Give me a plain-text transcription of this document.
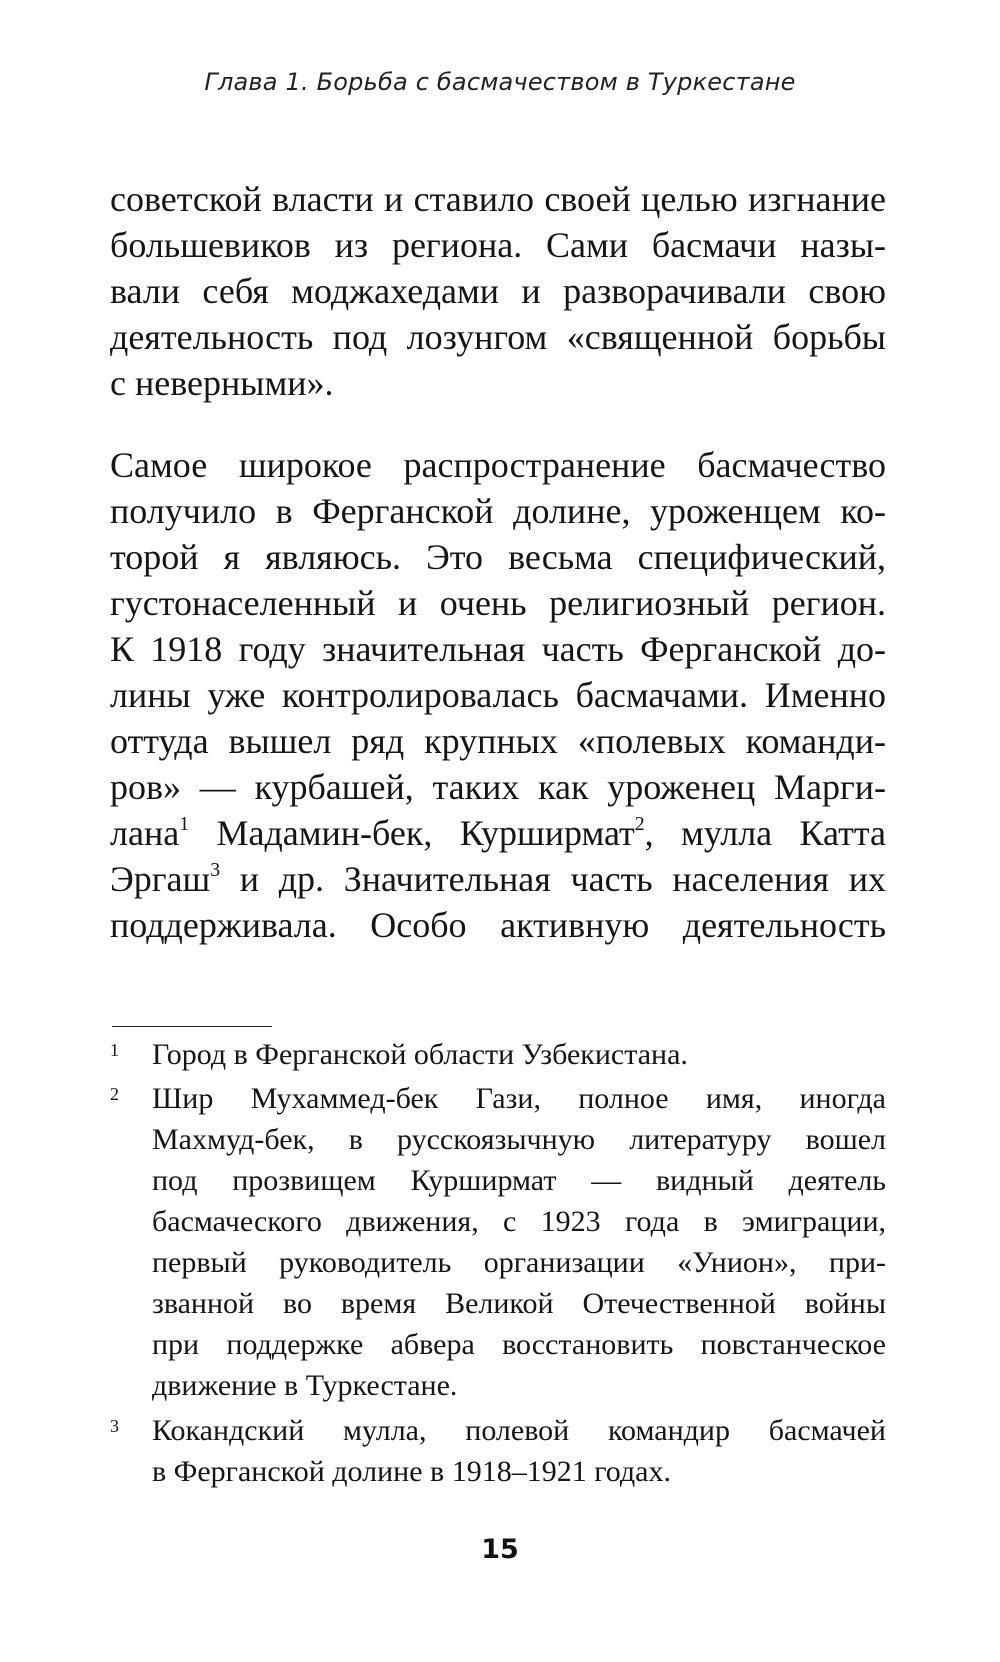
Глава 1. Борьба с басмачеством в Туркестане
советской власти и ставило своей целью изгнание
большевиков из региона. Сами басмачи назы-
вали себя моджахедами и разворачивали свою
деятельность под лозунгом «священной борьбы
с неверными».
Самое широкое распространение басмачество
получило в Ферганской долине, уроженцем ко-
торой я являюсь. Это весьма специфический,
густонаселенный и очень религиозный регион.
К 1918 году значительная часть Ферганской до-
лины уже контролировалась басмачами. Именно
оттуда вышел ряд крупных «полевых команди-
ров» — курбашей, таких как уроженец Марги-
лана$^1$ Мадамин-бек, Курширмат$^2$, мулла Катта
Эргаш$^3$ и др. Значительная часть населения их
поддерживала. Особо активную деятельность
1	Город в Ферганской области Узбекистана.
2	Шир Мухаммед-бек Гази, полное имя, иногда
Махмуд-бек, в русскоязычную литературу вошел
под прозвищем Курширмат — видный деятель
басмаческого движения, с 1923 года в эмиграции,
первый руководитель организации «Унион», при-
званной во время Великой Отечественной войны
при поддержке абвера восстановить повстанческое
движение в Туркестане.
3	Кокандский мулла, полевой командир басмачей
в Ферганской долине в 1918–1921 годах.
15
